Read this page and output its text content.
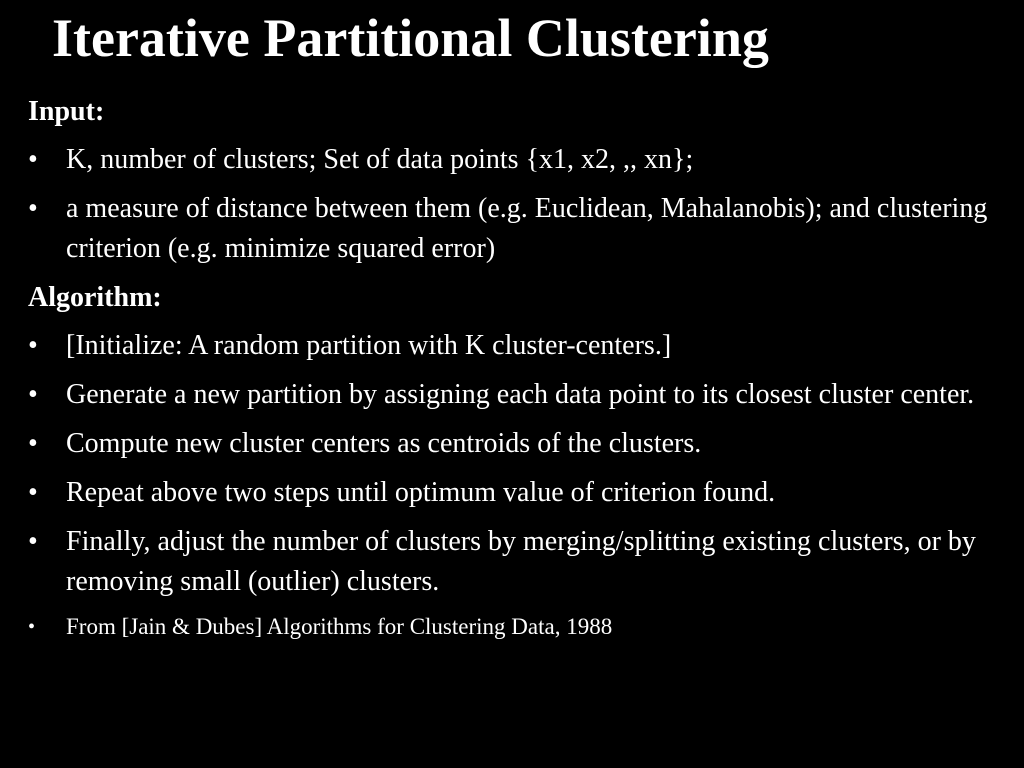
Iterative Partitional Clustering
Input:
• K, number of clusters; Set of data points {x1, x2, ,, xn};
• a measure of distance between them (e.g. Euclidean, Mahalanobis); and clustering criterion (e.g. minimize squared error)
Algorithm:
• [Initialize: A random partition with K cluster-centers.]
• Generate a new partition by assigning each data point to its closest cluster center.
• Compute new cluster centers as centroids of the clusters.
• Repeat above two steps until optimum value of criterion found.
• Finally, adjust the number of clusters by merging/splitting existing clusters, or by removing small (outlier) clusters.
• From [Jain & Dubes] Algorithms for Clustering Data, 1988
